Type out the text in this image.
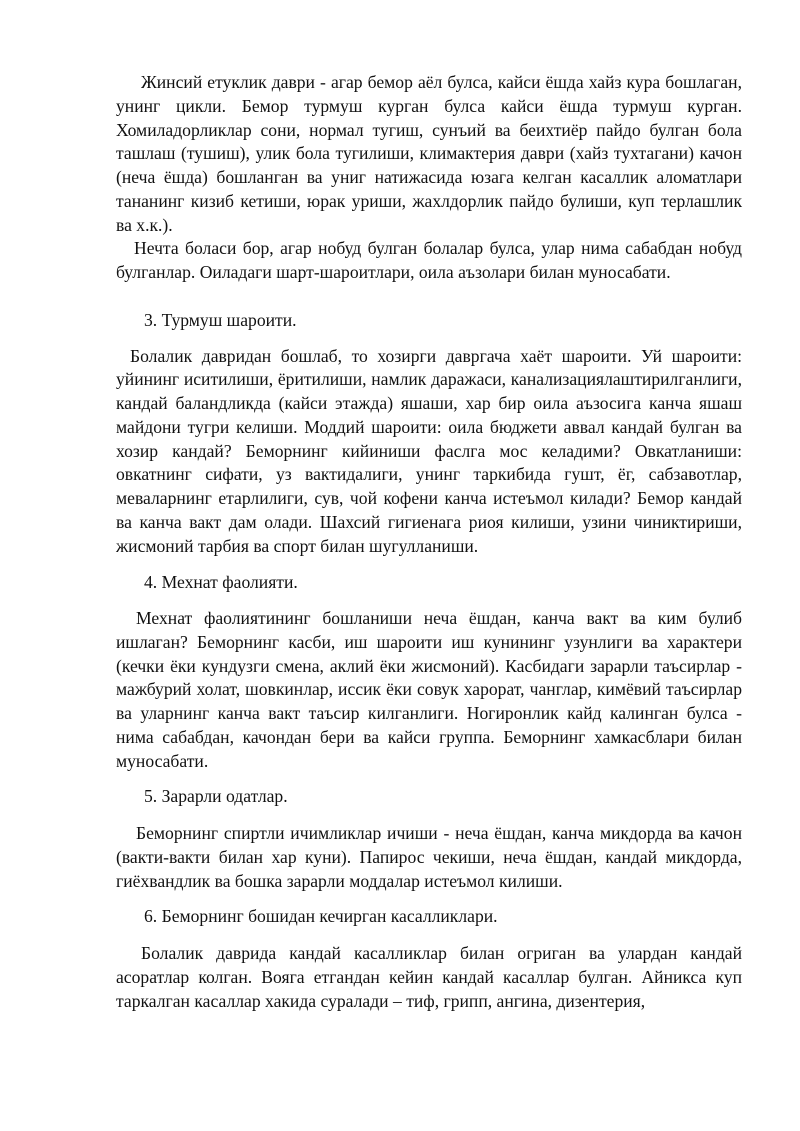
Жинсий етуклик даври - агар бемор аёл булса, кайси ёшда хайз кура бошлаган, унинг цикли. Бемор турмуш курган булса кайси ёшда турмуш курган. Хомиладорликлар сони, нормал тугиш, сунъий ва беихтиёр пайдо булган бола ташлаш (тушиш), улик бола тугилиши, климактерия даври (хайз тухтагани) качон (неча ёшда) бошланган ва униг натижасида юзага келган касаллик аломатлари тананинг кизиб кетиши, юрак уриши, жахлдорлик пайдо булиши, куп терлашлик ва х.к.).

Нечта боласи бор, агар нобуд булган болалар булса, улар нима сабабдан нобуд булганлар. Оиладаги шарт-шароитлари, оила аъзолари билан муносабати.

3. Турмуш шароити.

Болалик давридан бошлаб, то хозирги давргача хаёт шароити. Уй шароити: уйининг иситилиши, ёритилиши, намлик даражаси, канализациялаштирилганлиги, кандай баландликда (кайси этажда) яшаши, хар бир оила аъзосига канча яшаш майдони тугри келиши. Моддий шароити: оила бюджети аввал кандай булган ва хозир кандай? Беморнинг кийиниши фаслга мос келадими? Овкатланиши: овкатнинг сифати, уз вактидалиги, унинг таркибида гушт, ёг, сабзавотлар, меваларнинг етарлилиги, сув, чой кофени канча истеъмол килади? Бемор кандай ва канча вакт дам олади. Шахсий гигиенага риоя килиши, узини чиниктириши, жисмоний тарбия ва спорт билан шугулланиши.

4. Мехнат фаолияти.

Мехнат фаолиятининг бошланиши неча ёшдан, канча вакт ва ким булиб ишлаган? Беморнинг касби, иш шароити иш кунининг узунлиги ва характери (кечки ёки кундузги смена, аклий ёки жисмоний). Касбидаги зарарли таъсирлар - мажбурий холат, шовкинлар, иссик ёки совук харорат, чанглар, кимёвий таъсирлар ва уларнинг канча вакт таъсир килганлиги. Ногиронлик кайд калинган булса - нима сабабдан, качондан бери ва кайси группа. Беморнинг хамкасблари билан муносабати.

5. Зарарли одатлар.

Беморнинг спиртли ичимликлар ичиши - неча ёшдан, канча микдорда ва качон (вакти-вакти билан хар куни). Папирос чекиши, неча ёшдан, кандай микдорда, гиёхвандлик ва бошка зарарли моддалар истеъмол килиши.

6. Беморнинг бошидан кечирган касалликлари.

Болалик даврида кандай касалликлар билан огриган ва улардан кандай асоратлар колган. Вояга етгандан кейин кандай касаллар булган. Айникса куп таркалган касаллар хакида суралади – тиф, грипп, ангина, дизентерия,
